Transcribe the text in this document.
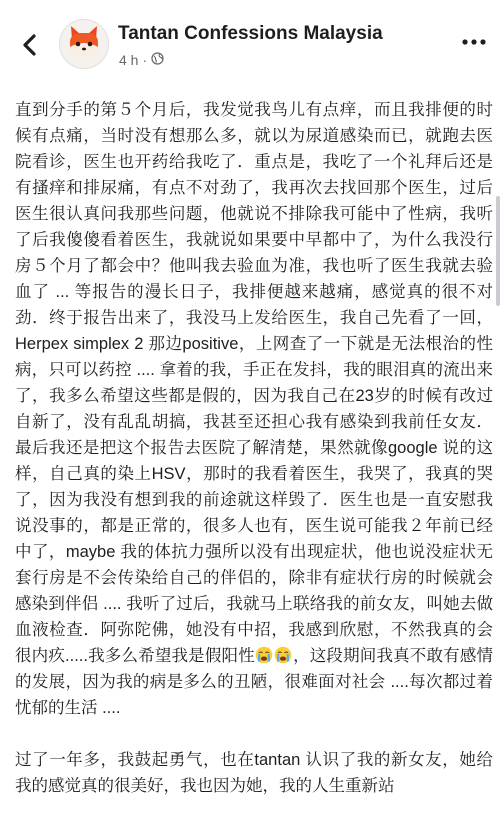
Tantan Confessions Malaysia
4 h ·

直到分手的第５个月后，我发觉我鸟儿有点痒，而且我排便的时候有点痛，当时没有想那么多，就以为尿道感染而已，就跑去医院看诊，医生也开药给我吃了．重点是，我吃了一个礼拜后还是有搔痒和排尿痛，有点不对劲了，我再次去找回那个医生，过后医生很认真问我那些问题，他就说不排除我可能中了性病，我听了后我傻傻看着医生，我就说如果要中早都中了，为什么我没行房５个月了都会中？他叫我去验血为准，我也听了医生我就去验血了 ... 等报告的漫长日子，我排便越来越痛，感觉真的很不对劲．终于报告出来了，我没马上发给医生，我自己先看了一回，Herpex simplex 2 那边positive，上网查了一下就是无法根治的性病，只可以药控 .... 拿着的我，手正在发抖，我的眼泪真的流出来了，我多么希望这些都是假的，因为我自己在23岁的时候有改过自新了，没有乱乱胡搞，我甚至还担心我有感染到我前任女友．最后我还是把这个报告去医院了解清楚，果然就像google 说的这样，自己真的染上HSV，那时的我看着医生，我哭了，我真的哭了，因为我没有想到我的前途就这样毁了．医生也是一直安慰我说没事的，都是正常的，很多人也有，医生说可能我２年前已经中了，maybe 我的体抗力强所以没有出现症状，他也说没症状无套行房是不会传染给自己的伴侣的，除非有症状行房的时候就会感染到伴侣 .... 我听了过后，我就马上联络我的前女友，叫她去做血液检查．阿弥陀佛，她没有中招，我感到欣慰，不然我真的会很内疚.....我多么希望我是假阳性 ，这段期间我真不敢有感情的发展，因为我的病是多么的丑陋，很难面对社会 ....每次都过着忧郁的生活 ....

过了一年多，我鼓起勇气，也在tantan 认识了我的新女友，她给我的感觉真的很美好，我也因为她，我的人生重新站
